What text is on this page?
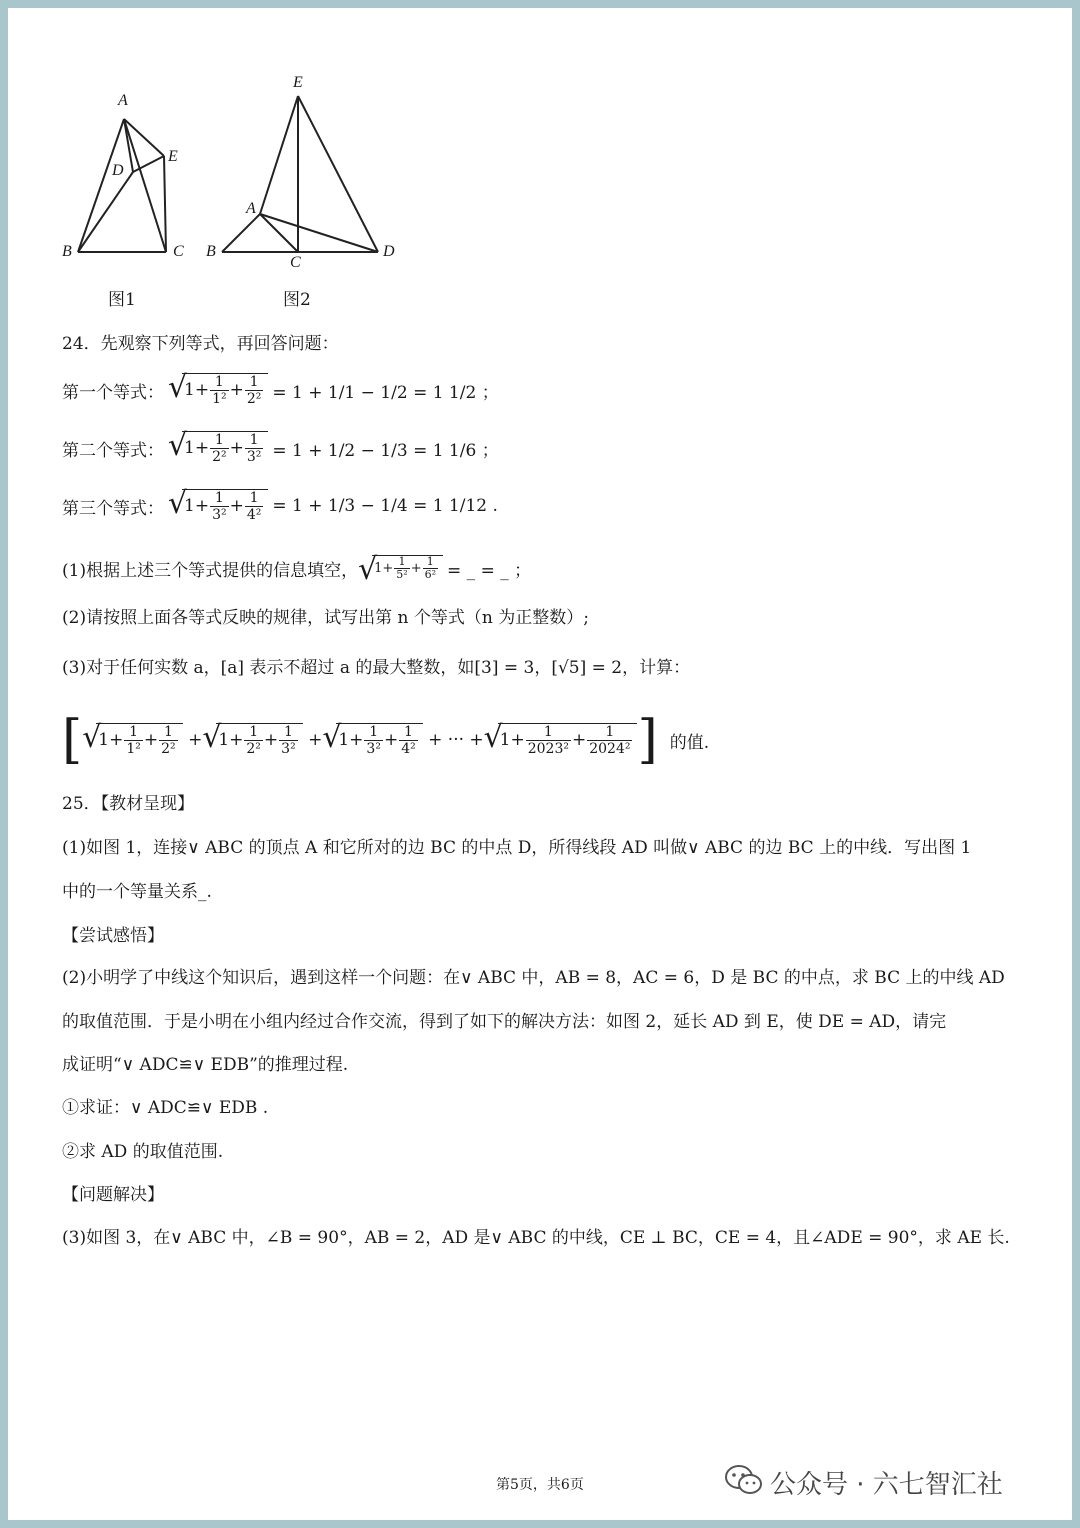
A
E
D
B	C
图1
E
A
B
C
D
图2
24．先观察下列等式，再回答问题：
第一个等式： √ $1+ \frac{1}{\text{1²}} + \frac{1}{\text{2²}} = 1 + 1/1 - 1/2 = 1$ 1/2 ；
第二个等式： √ $1+ \frac{1}{\text{2²}} + \frac{1}{\text{3²}} = 1 + 1/2 - 1/3 = 1$ 1/6 ；
第三个等式： √ $1+ \frac{1}{\text{3²}} + \frac{1}{\text{4²}} = 1 + 1/3 - 1/4 = 1$ 1/12 .
(1)根据上述三个等式提供的信息填空， √ $1+ \frac{1}{\text{5²}} + \frac{1}{\text{6²}}$ = _ = _ ；
(2)请按照上面各等式反映的规律，试写出第 n 个等式（n 为正整数）;
(3)对于任何实数 a，[a] 表示不超过 a 的最大整数，如[3] = 3，[√5] = 2，计算：
[ √ $1+ \frac{1}{\text{1²}} + \frac{1}{\text{2²}}$ + √ $1+ \frac{1}{\text{2²}} + \frac{1}{\text{3²}}$ + √ $1+ \frac{1}{\text{3²}} + \frac{1}{\text{4²}}$ + ··· + √ $1+ \frac{1}{\text{2023²}} + \frac{1}{\text{2024²}}$ ] 的值.
25．【教材呈现】
(1)如图 1，连接∨ ABC 的顶点 A 和它所对的边 BC 的中点 D，所得线段 AD 叫做∨ ABC 的边 BC 上的中线．写出图 1
中的一个等量关系_.
【尝试感悟】
(2)小明学了中线这个知识后，遇到这样一个问题：在∨ ABC 中，AB = 8，AC = 6，D 是 BC 的中点，求 BC 上的中线 AD
的取值范围．于是小明在小组内经过合作交流，得到了如下的解决方法：如图 2，延长 AD 到 E，使 DE = AD，请完
成证明“∨ ADC≌∨ EDB”的推理过程.
①求证：∨ ADC≌∨ EDB .
②求 AD 的取值范围.
【问题解决】
(3)如图 3，在∨ ABC 中，∠B = 90°，AB = 2，AD 是∨ ABC 的中线，CE ⊥ BC，CE = 4，且∠ADE = 90°，求 AE 长.
第5页，共6页	公众号 · 六七智汇社
